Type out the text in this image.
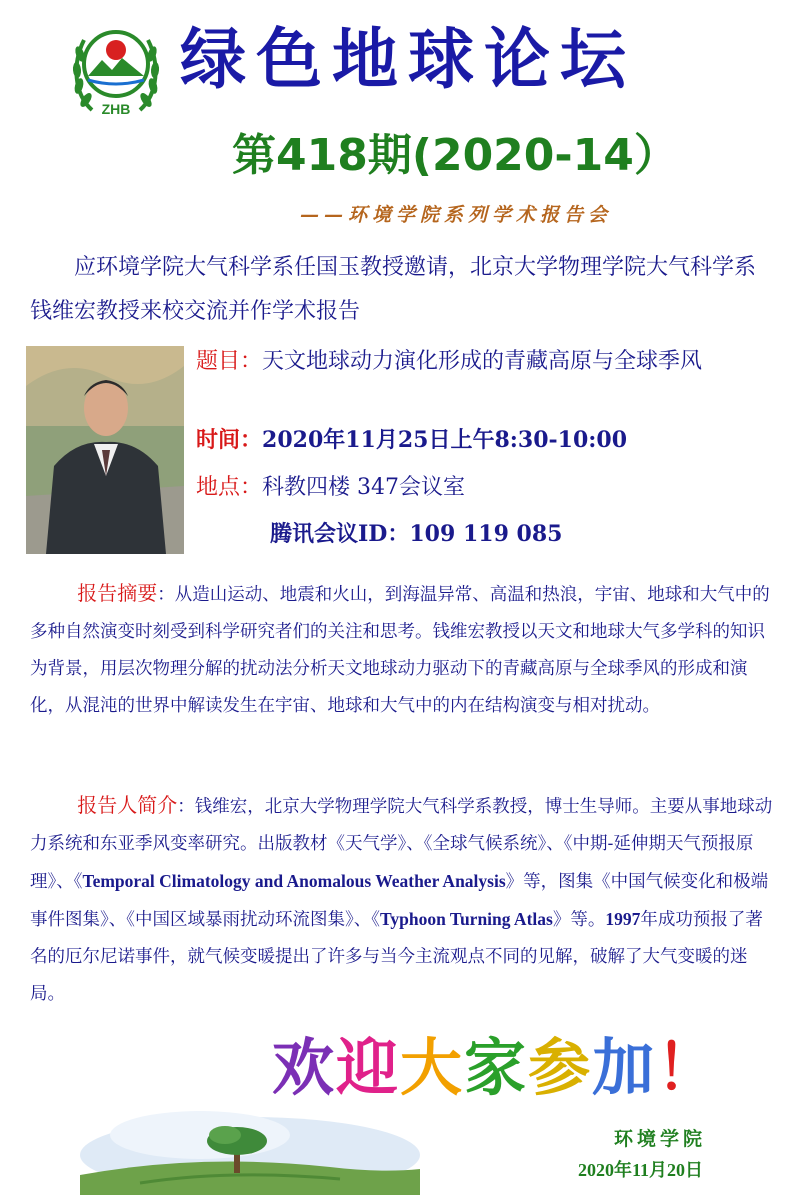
ZHB
绿色地球论坛
第418期(2020-14）
——环境学院系列学术报告会
应环境学院大气科学系任国玉教授邀请，北京大学物理学院大气科学系钱维宏教授来校交流并作学术报告
题目：天文地球动力演化形成的青藏高原与全球季风
时间：2020年11月25日上午8:30-10:00
地点：科教四楼 347会议室
腾讯会议ID：109 119 085
报告摘要：从造山运动、地震和火山，到海温异常、高温和热浪，宇宙、地球和大气中的多种自然演变时刻受到科学研究者们的关注和思考。钱维宏教授以天文和地球大气多学科的知识为背景，用层次物理分解的扰动法分析天文地球动力驱动下的青藏高原与全球季风的形成和演化，从混沌的世界中解读发生在宇宙、地球和大气中的内在结构演变与相对扰动。
报告人简介：钱维宏，北京大学物理学院大气科学系教授，博士生导师。主要从事地球动力系统和东亚季风变率研究。出版教材《天气学》、《全球气候系统》、《中期-延伸期天气预报原理》、《Temporal Climatology and Anomalous Weather Analysis》等，图集《中国气候变化和极端事件图集》、《中国区域暴雨扰动环流图集》、《Typhoon Turning Atlas》等。1997年成功预报了著名的厄尔尼诺事件，就气候变暖提出了许多与当今主流观点不同的见解，破解了大气变暖的迷局。
欢迎大家参加！
环境学院
2020年11月20日
